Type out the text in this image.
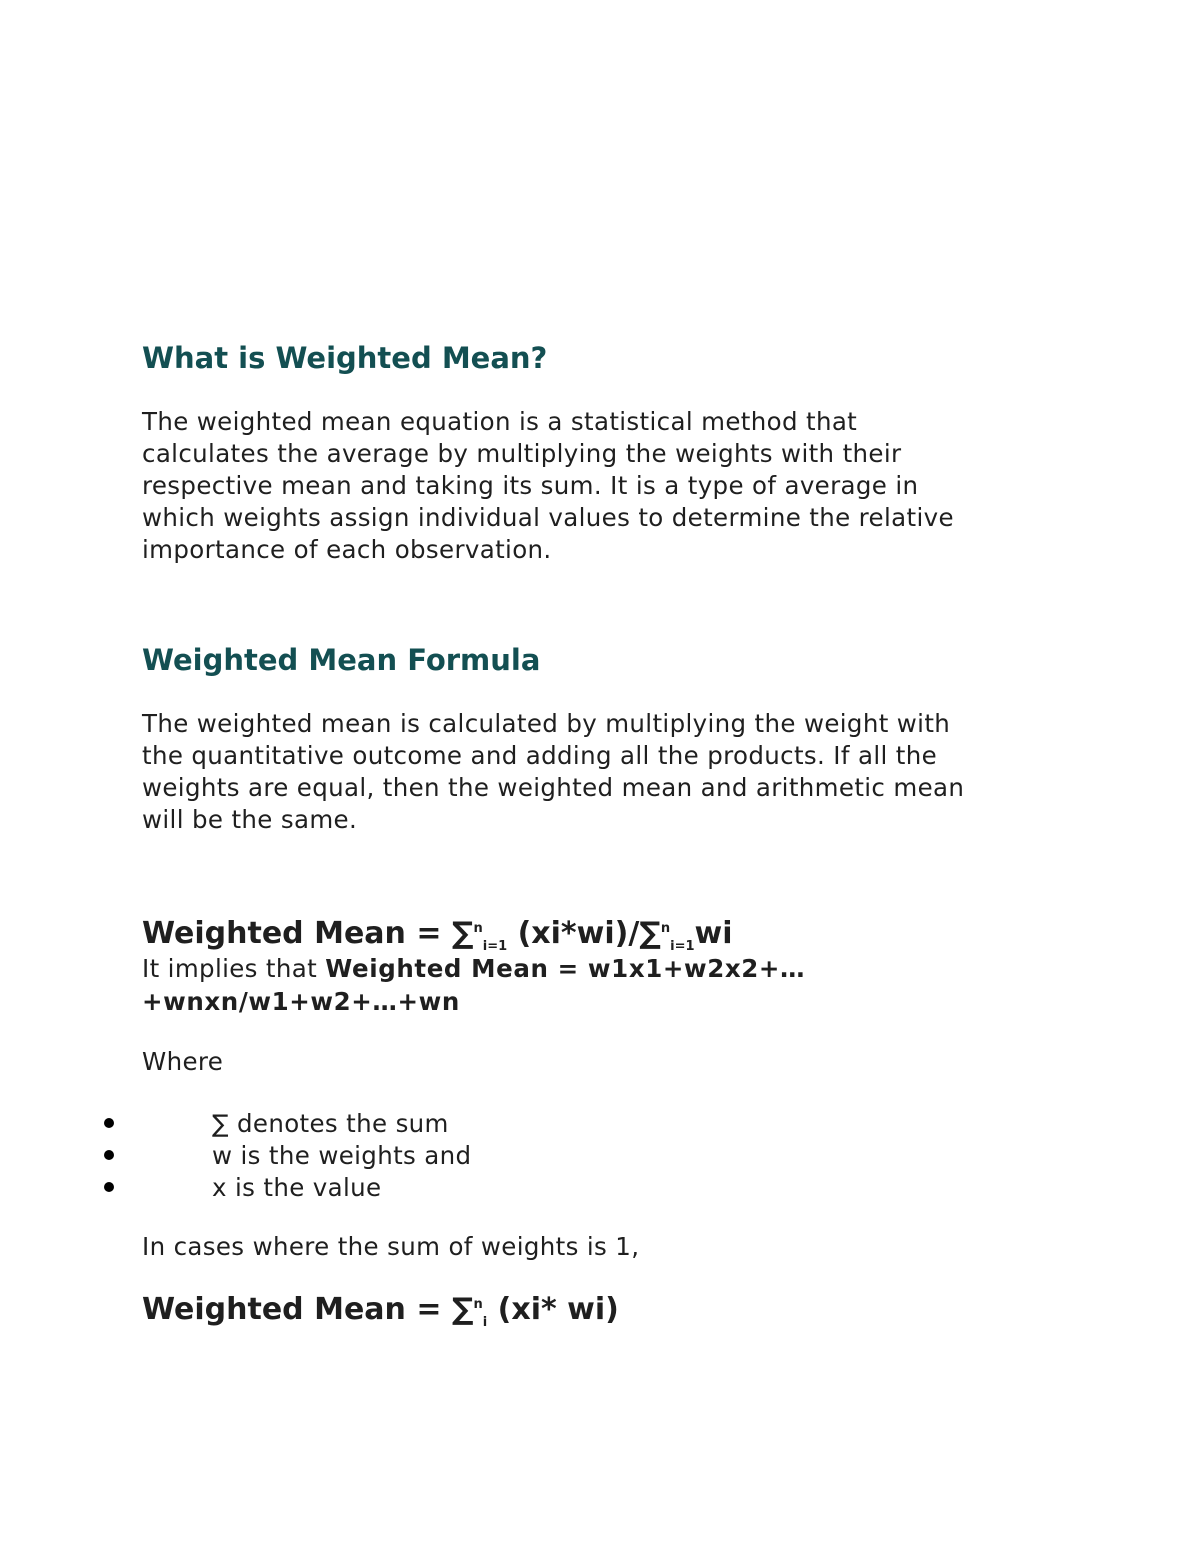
What is Weighted Mean?

The weighted mean equation is a statistical method that
calculates the average by multiplying the weights with their
respective mean and taking its sum. It is a type of average in
which weights assign individual values to determine the relative
importance of each observation.

Weighted Mean Formula

The weighted mean is calculated by multiplying the weight with
the quantitative outcome and adding all the products. If all the
weights are equal, then the weighted mean and arithmetic mean
will be the same.

Weighted Mean = ∑$^n_{i=1}$ (xi*wi)/∑$^n_{i=1}$wi

It implies that Weighted Mean = w1x1+w2x2+…

+wnxn/w1+w2+…+wn

Where

∑ denotes the sum
w is the weights and
x is the value

In cases where the sum of weights is 1,

Weighted Mean = ∑$^n_i$ (xi* wi)
